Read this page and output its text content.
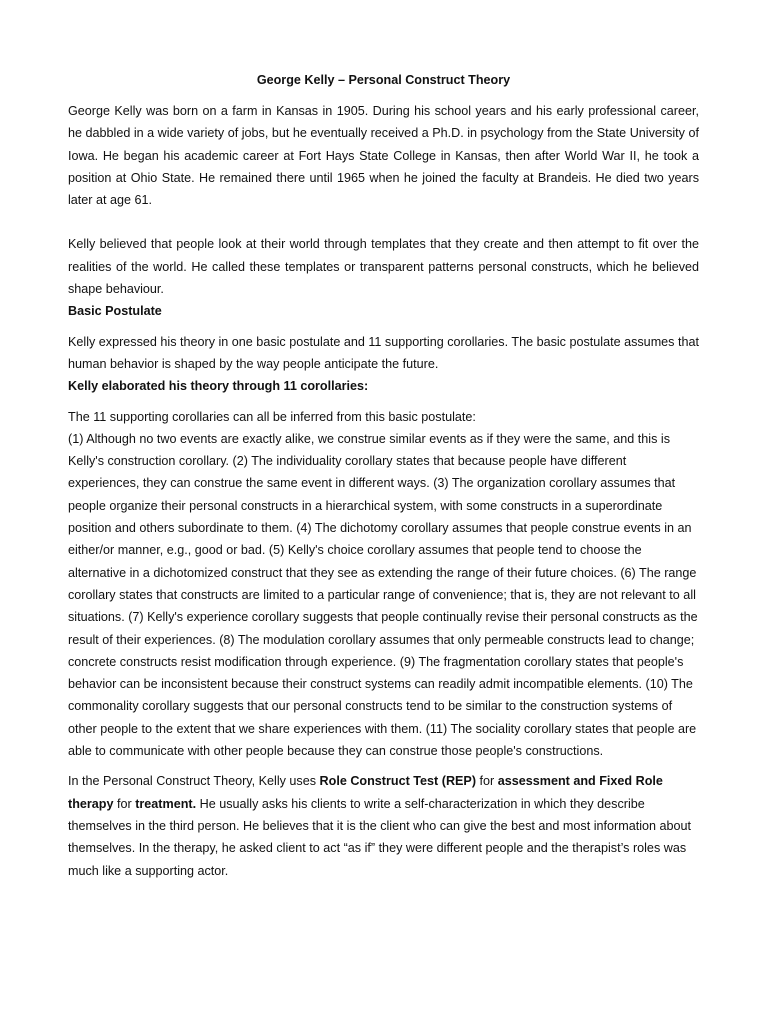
George Kelly – Personal Construct Theory

George Kelly was born on a farm in Kansas in 1905. During his school years and his early professional career, he dabbled in a wide variety of jobs, but he eventually received a Ph.D. in psychology from the State University of Iowa. He began his academic career at Fort Hays State College in Kansas, then after World War II, he took a position at Ohio State. He remained there until 1965 when he joined the faculty at Brandeis. He died two years later at age 61.

Kelly believed that people look at their world through templates that they create and then attempt to fit over the realities of the world. He called these templates or transparent patterns personal constructs, which he believed shape behaviour.

Basic Postulate

Kelly expressed his theory in one basic postulate and 11 supporting corollaries. The basic postulate assumes that human behavior is shaped by the way people anticipate the future.

Kelly elaborated his theory through 11 corollaries:

The 11 supporting corollaries can all be inferred from this basic postulate:

(1) Although no two events are exactly alike, we construe similar events as if they were the same, and this is Kelly's construction corollary. (2) The individuality corollary states that because people have different experiences, they can construe the same event in different ways. (3) The organization corollary assumes that people organize their personal constructs in a hierarchical system, with some constructs in a superordinate position and others subordinate to them. (4) The dichotomy corollary assumes that people construe events in an either/or manner, e.g., good or bad. (5) Kelly's choice corollary assumes that people tend to choose the alternative in a dichotomized construct that they see as extending the range of their future choices. (6) The range corollary states that constructs are limited to a particular range of convenience; that is, they are not relevant to all situations. (7) Kelly's experience corollary suggests that people continually revise their personal constructs as the result of their experiences. (8) The modulation corollary assumes that only permeable constructs lead to change; concrete constructs resist modification through experience. (9) The fragmentation corollary states that people's behavior can be inconsistent because their construct systems can readily admit incompatible elements. (10) The commonality corollary suggests that our personal constructs tend to be similar to the construction systems of other people to the extent that we share experiences with them. (11) The sociality corollary states that people are able to communicate with other people because they can construe those people's constructions.

In the Personal Construct Theory, Kelly uses Role Construct Test (REP) for assessment and Fixed Role therapy for treatment. He usually asks his clients to write a self-characterization in which they describe themselves in the third person. He believes that it is the client who can give the best and most information about themselves. In the therapy, he asked client to act “as if” they were different people and the therapist’s roles was much like a supporting actor.
